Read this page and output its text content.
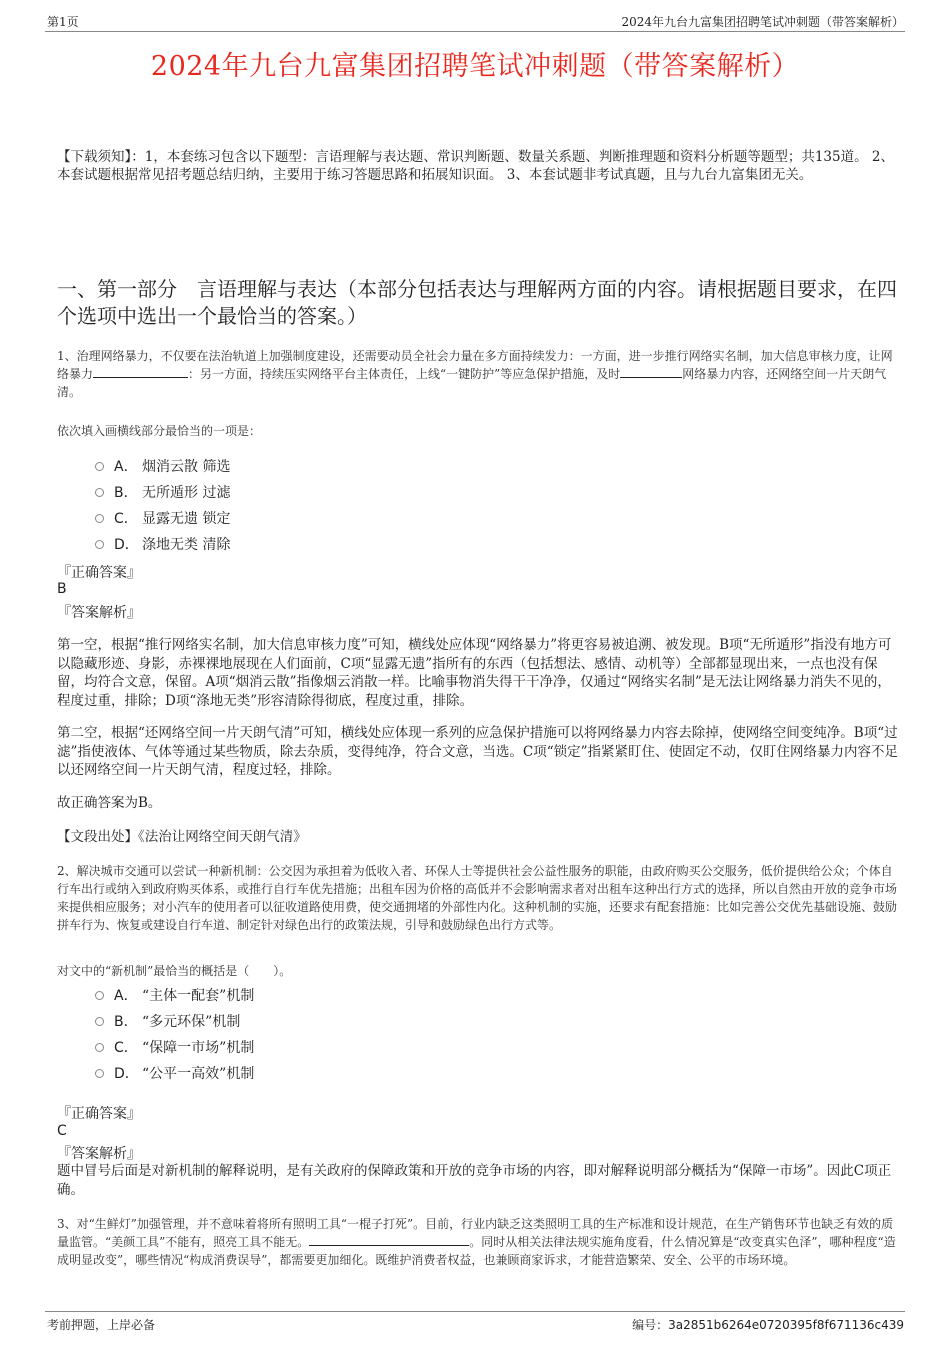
第1页	2024年九台九富集团招聘笔试冲刺题（带答案解析）
2024年九台九富集团招聘笔试冲刺题（带答案解析）
【下载须知】：1，本套练习包含以下题型：言语理解与表达题、常识判断题、数量关系题、判断推理题和资料分析题等题型；共135道。 2、本套试题根据常见招考题总结归纳，主要用于练习答题思路和拓展知识面。 3、本套试题非考试真题，且与九台九富集团无关。
一、第一部分　言语理解与表达（本部分包括表达与理解两方面的内容。请根据题目要求，在四个选项中选出一个最恰当的答案。）
1、治理网络暴力，不仅要在法治轨道上加强制度建设，还需要动员全社会力量在多方面持续发力：一方面，进一步推行网络实名制，加大信息审核力度，让网络暴力	：另一方面，持续压实网络平台主体责任，上线“一键防护”等应急保护措施，及时	网络暴力内容，还网络空间一片天朗气清。
依次填入画横线部分最恰当的一项是：
A． 烟消云散 筛选
B． 无所遁形 过滤
C． 显露无遗 锁定
D． 涤地无类 清除
『正确答案』
B
『答案解析』
第一空，根据“推行网络实名制，加大信息审核力度”可知，横线处应体现“网络暴力”将更容易被追溯、被发现。B项“无所遁形”指没有地方可以隐藏形迹、身影，赤裸裸地展现在人们面前，C项“显露无遗”指所有的东西（包括想法、感情、动机等）全部都显现出来，一点也没有保留，均符合文意，保留。A项“烟消云散”指像烟云消散一样。比喻事物消失得干干净净，仅通过“网络实名制”是无法让网络暴力消失不见的，程度过重，排除；D项“涤地无类”形容清除得彻底，程度过重，排除。
第二空，根据“还网络空间一片天朗气清”可知，横线处应体现一系列的应急保护措施可以将网络暴力内容去除掉，使网络空间变纯净。B项“过滤”指使液体、气体等通过某些物质，除去杂质，变得纯净，符合文意，当选。C项“锁定”指紧紧盯住、使固定不动，仅盯住网络暴力内容不足以还网络空间一片天朗气清，程度过轻，排除。
故正确答案为B。
【文段出处】《法治让网络空间天朗气清》
2、解决城市交通可以尝试一种新机制：公交因为承担着为低收入者、环保人士等提供社会公益性服务的职能，由政府购买公交服务，低价提供给公众；个体自行车出行或纳入到政府购买体系，或推行自行车优先措施；出租车因为价格的高低并不会影响需求者对出租车这种出行方式的选择，所以自然由开放的竞争市场来提供相应服务；对小汽车的使用者可以征收道路使用费，使交通拥堵的外部性内化。这种机制的实施，还要求有配套措施：比如完善公交优先基础设施、鼓励拼车行为、恢复或建设自行车道、制定针对绿色出行的政策法规，引导和鼓励绿色出行方式等。
对文中的“新机制”最恰当的概括是（　　）。
A． “主体一配套”机制
B． “多元环保”机制
C． “保障一市场”机制
D． “公平一高效”机制
『正确答案』
C
『答案解析』
题中冒号后面是对新机制的解释说明，是有关政府的保障政策和开放的竞争市场的内容，即对解释说明部分概括为“保障一市场”。因此C项正确。
3、对“生鲜灯”加强管理，并不意味着将所有照明工具“一棍子打死”。目前，行业内缺乏这类照明工具的生产标准和设计规范，在生产销售环节也缺乏有效的质量监管。“美颜工具”不能有，照亮工具不能无。	。同时从相关法律法规实施角度看，什么情况算是“改变真实色泽”，哪种程度“造成明显改变”，哪些情况“构成消费误导”，都需要更加细化。既维护消费者权益，也兼顾商家诉求，才能营造繁荣、安全、公平的市场环境。
考前押题，上岸必备	编号：3a2851b6264e0720395f8f671136c439
